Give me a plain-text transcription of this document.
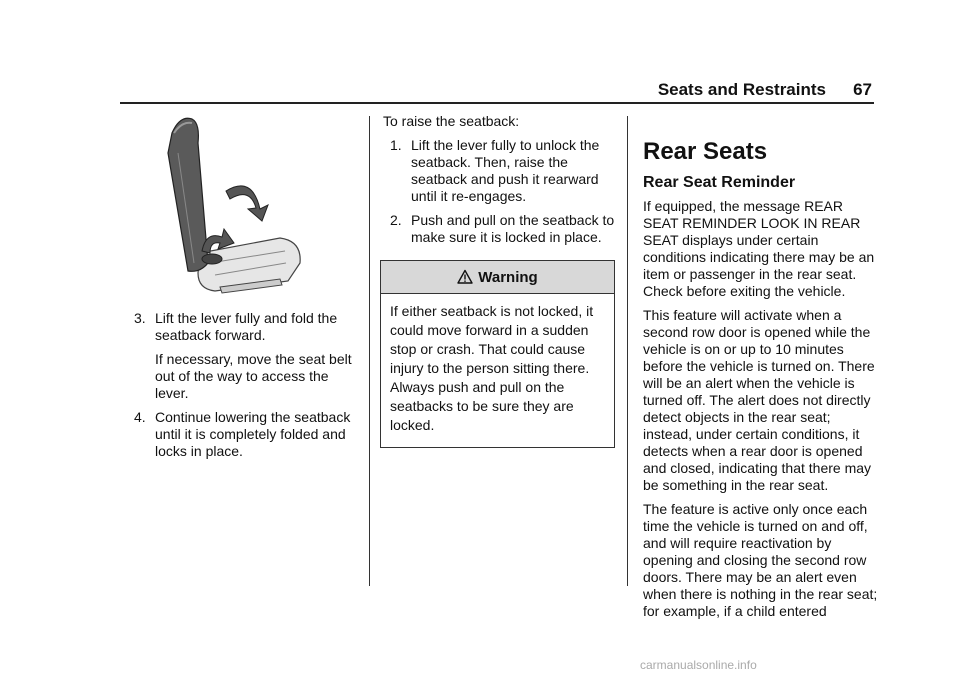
Seats and Restraints 67
3. Lift the lever fully and fold the seatback forward.
If necessary, move the seat belt out of the way to access the lever.
4. Continue lowering the seatback until it is completely folded and locks in place.
To raise the seatback:
1. Lift the lever fully to unlock the seatback. Then, raise the seatback and push it rearward until it re-engages.
2. Push and pull on the seatback to make sure it is locked in place.
Warning
If either seatback is not locked, it could move forward in a sudden stop or crash. That could cause injury to the person sitting there. Always push and pull on the seatbacks to be sure they are locked.
Rear Seats
Rear Seat Reminder

If equipped, the message REAR SEAT REMINDER LOOK IN REAR SEAT displays under certain conditions indicating there may be an item or passenger in the rear seat. Check before exiting the vehicle.

This feature will activate when a second row door is opened while the vehicle is on or up to 10 minutes before the vehicle is turned on. There will be an alert when the vehicle is turned off. The alert does not directly detect objects in the rear seat; instead, under certain conditions, it detects when a rear door is opened and closed, indicating that there may be something in the rear seat.

The feature is active only once each time the vehicle is turned on and off, and will require reactivation by opening and closing the second row doors. There may be an alert even when there is nothing in the rear seat; for example, if a child entered

carmanualsonline.info
